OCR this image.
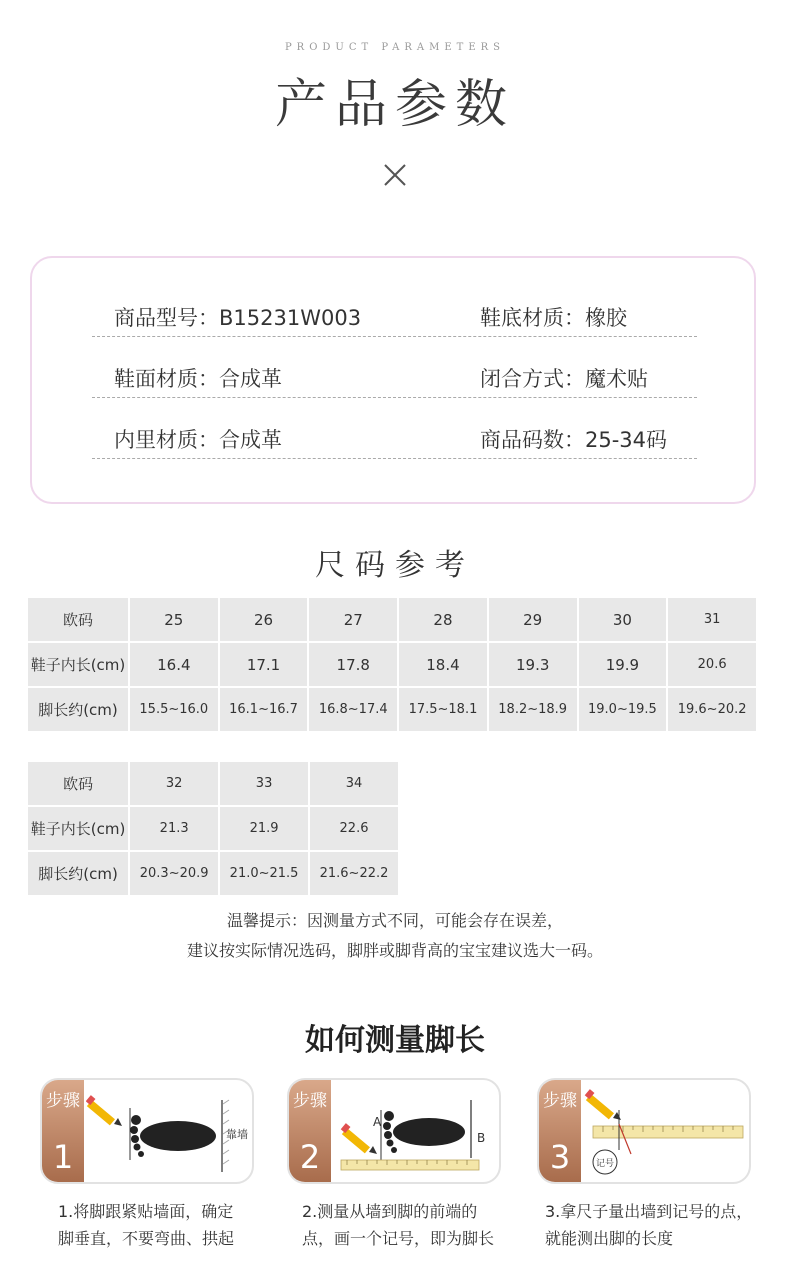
PRODUCT PARAMETERS
产品参数
商品型号：B15231W003	鞋底材质：橡胶
鞋面材质：合成革	闭合方式：魔术贴
内里材质：合成革	商品码数：25-34码
尺码参考
欧码	25	26	27	28	29	30	31
鞋子内长(cm)	16.4	17.1	17.8	18.4	19.3	19.9	20.6
脚长约(cm)	15.5~16.0	16.1~16.7	16.8~17.4	17.5~18.1	18.2~18.9	19.0~19.5	19.6~20.2
欧码	32	33	34
鞋子内长(cm)	21.3	21.9	22.6
脚长约(cm)	20.3~20.9	21.0~21.5	21.6~22.2
温馨提示：因测量方式不同，可能会存在误差，
建议按实际情况选码，脚胖或脚背高的宝宝建议选大一码。
如何测量脚长
步骤
1
靠墙
步骤
2
A
B
步骤
3	记号
1.将脚跟紧贴墙面，确定
脚垂直，不要弯曲、拱起
2.测量从墙到脚的前端的
点，画一个记号，即为脚长
3.拿尺子量出墙到记号的点，
就能测出脚的长度
